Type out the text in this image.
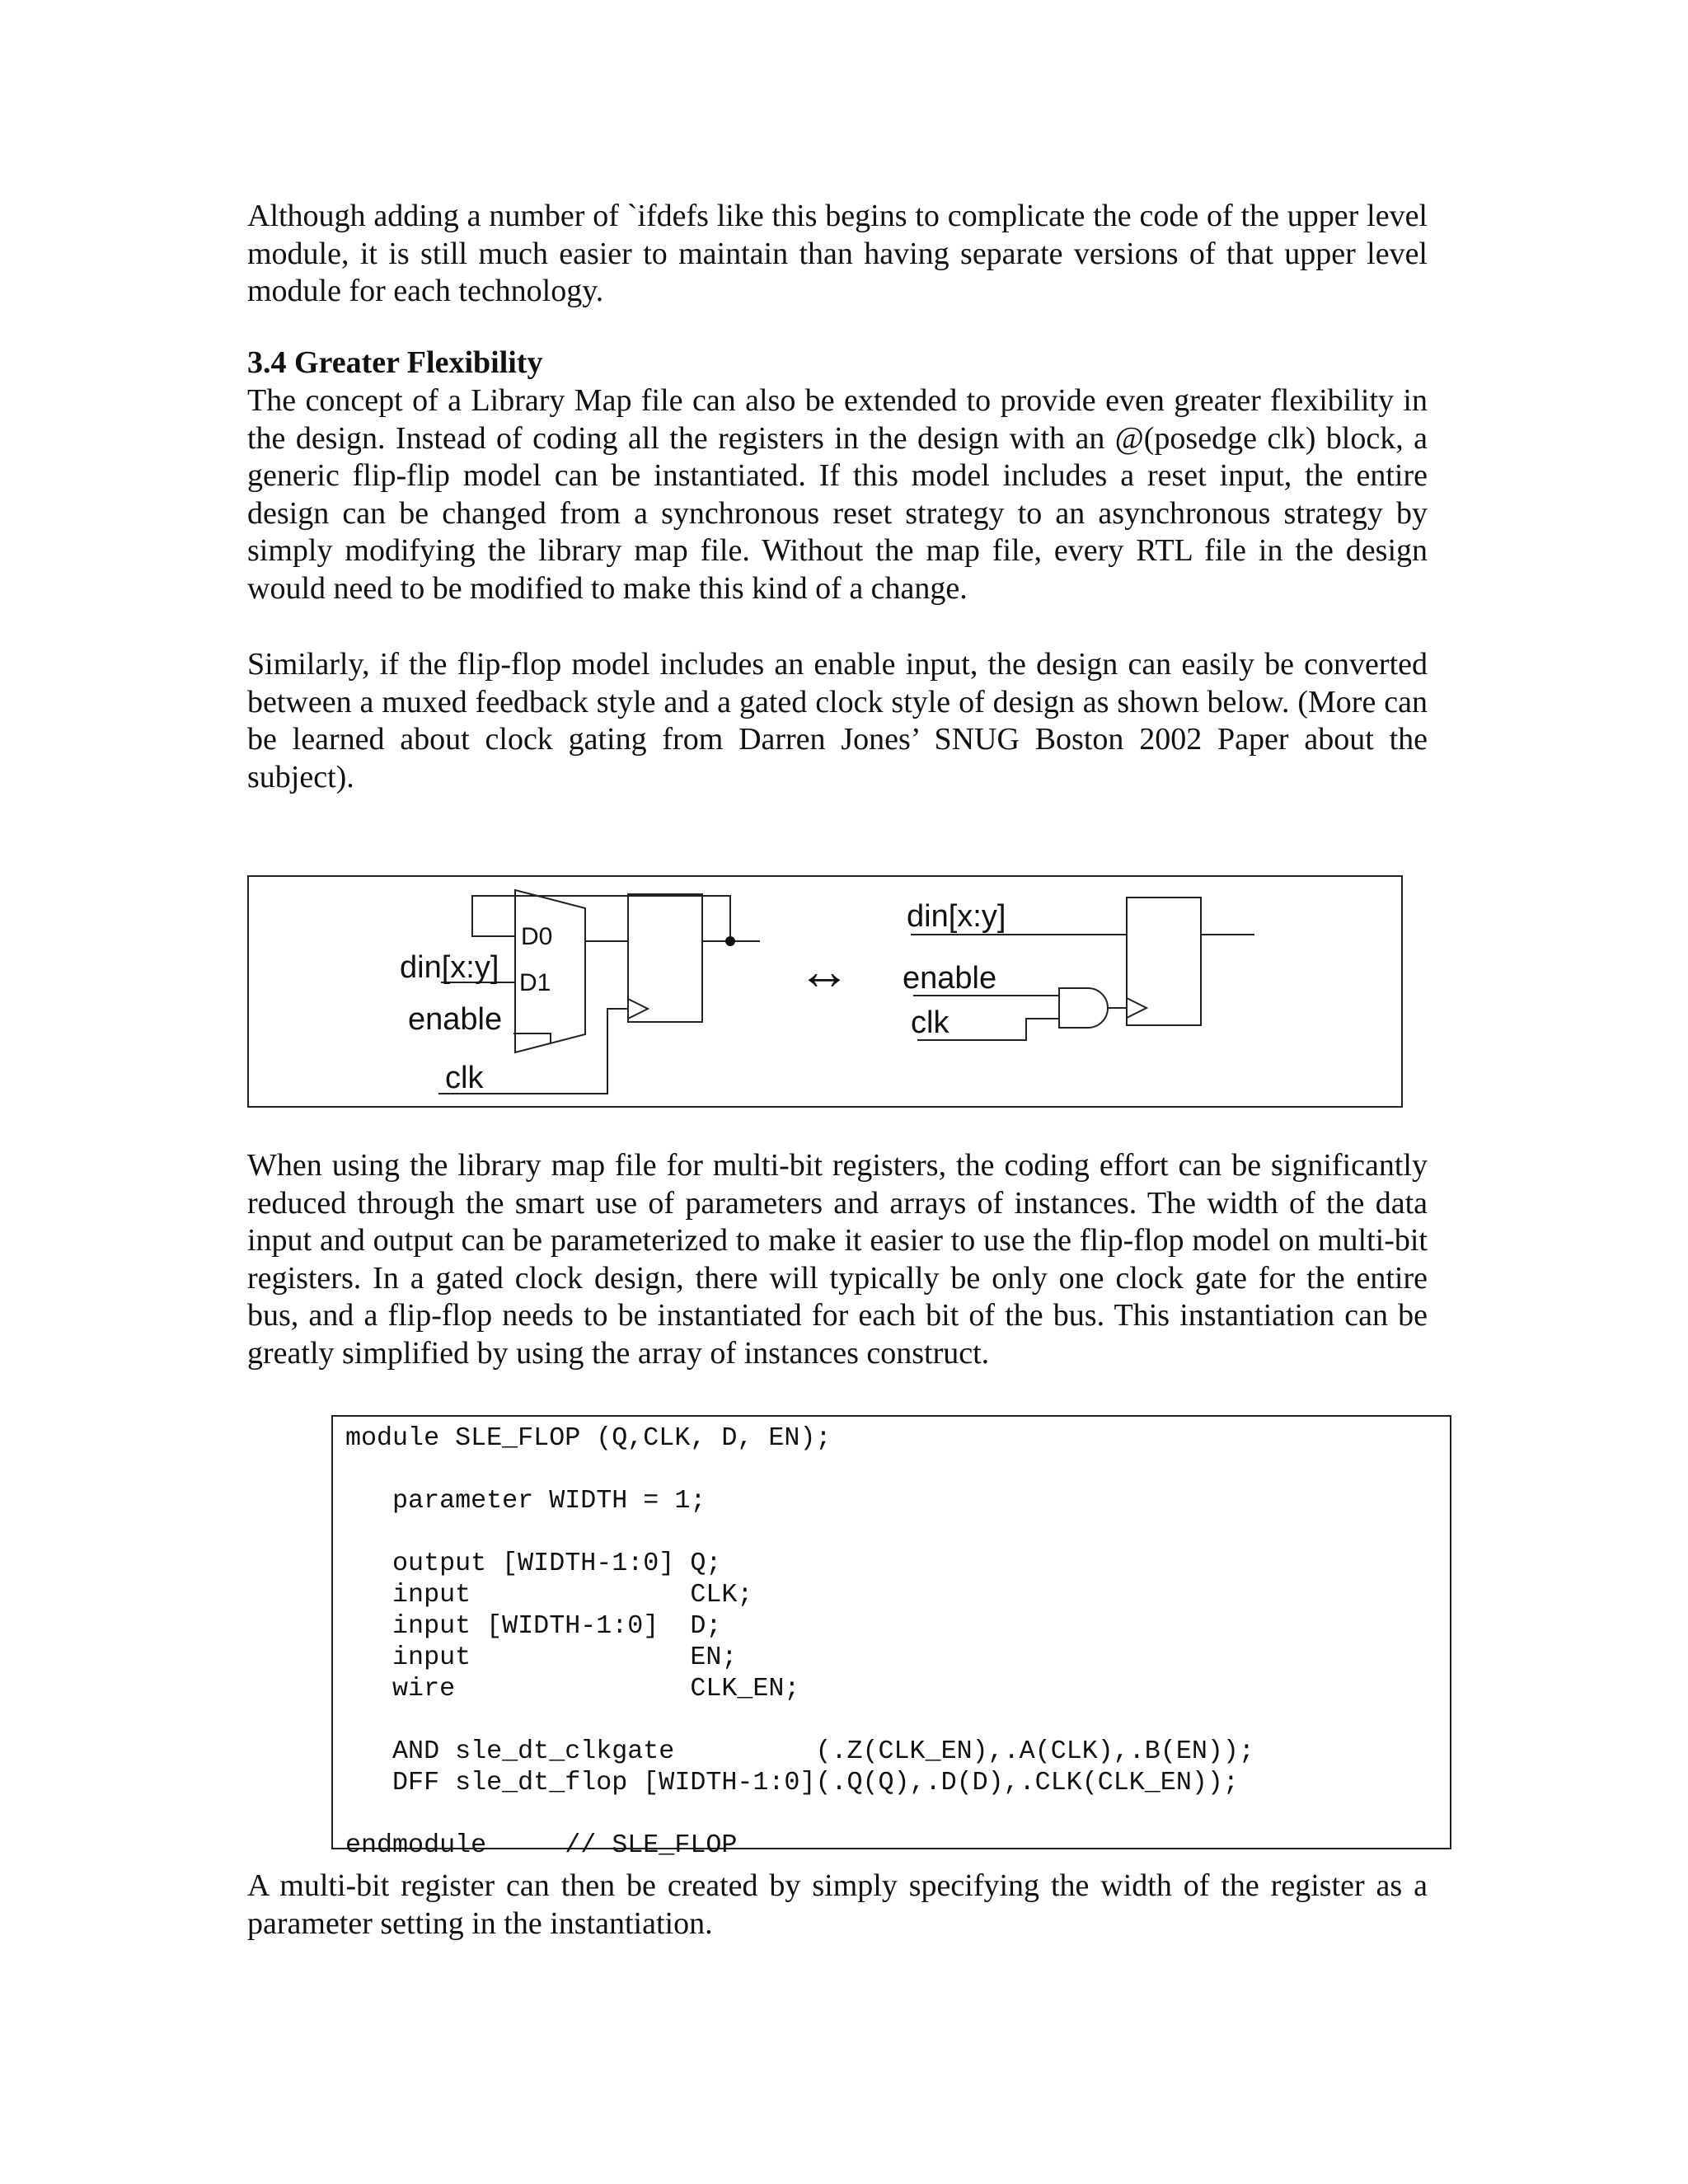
Although adding a number of `ifdefs like this begins to complicate the code of the upper level module, it is still much easier to maintain than having separate versions of that upper level module for each technology.

3.4 Greater Flexibility

The concept of a Library Map file can also be extended to provide even greater flexibility in the design. Instead of coding all the registers in the design with an @(posedge clk) block, a generic flip-flip model can be instantiated. If this model includes a reset input, the entire design can be changed from a synchronous reset strategy to an asynchronous strategy by simply modifying the library map file. Without the map file, every RTL file in the design would need to be modified to make this kind of a change.

Similarly, if the flip-flop model includes an enable input, the design can easily be converted between a muxed feedback style and a gated clock style of design as shown below. (More can be learned about clock gating from Darren Jones’ SNUG Boston 2002 Paper about the subject).

D0
D1
din[x:y]
enable
clk
↔
din[x:y]
enable
clk

When using the library map file for multi-bit registers, the coding effort can be significantly reduced through the smart use of parameters and arrays of instances. The width of the data input and output can be parameterized to make it easier to use the flip-flop model on multi-bit registers. In a gated clock design, there will typically be only one clock gate for the entire bus, and a flip-flop needs to be instantiated for each bit of the bus. This instantiation can be greatly simplified by using the array of instances construct.

module SLE_FLOP (Q,CLK, D, EN);

parameter WIDTH = 1;

output [WIDTH-1:0] Q;
input              CLK;
input [WIDTH-1:0]  D;
input              EN;
wire               CLK_EN;

AND sle_dt_clkgate         (.Z(CLK_EN),.A(CLK),.B(EN));
DFF sle_dt_flop [WIDTH-1:0](.Q(Q),.D(D),.CLK(CLK_EN));

endmodule     // SLE_FLOP

A multi-bit register can then be created by simply specifying the width of the register as a parameter setting in the instantiation.
